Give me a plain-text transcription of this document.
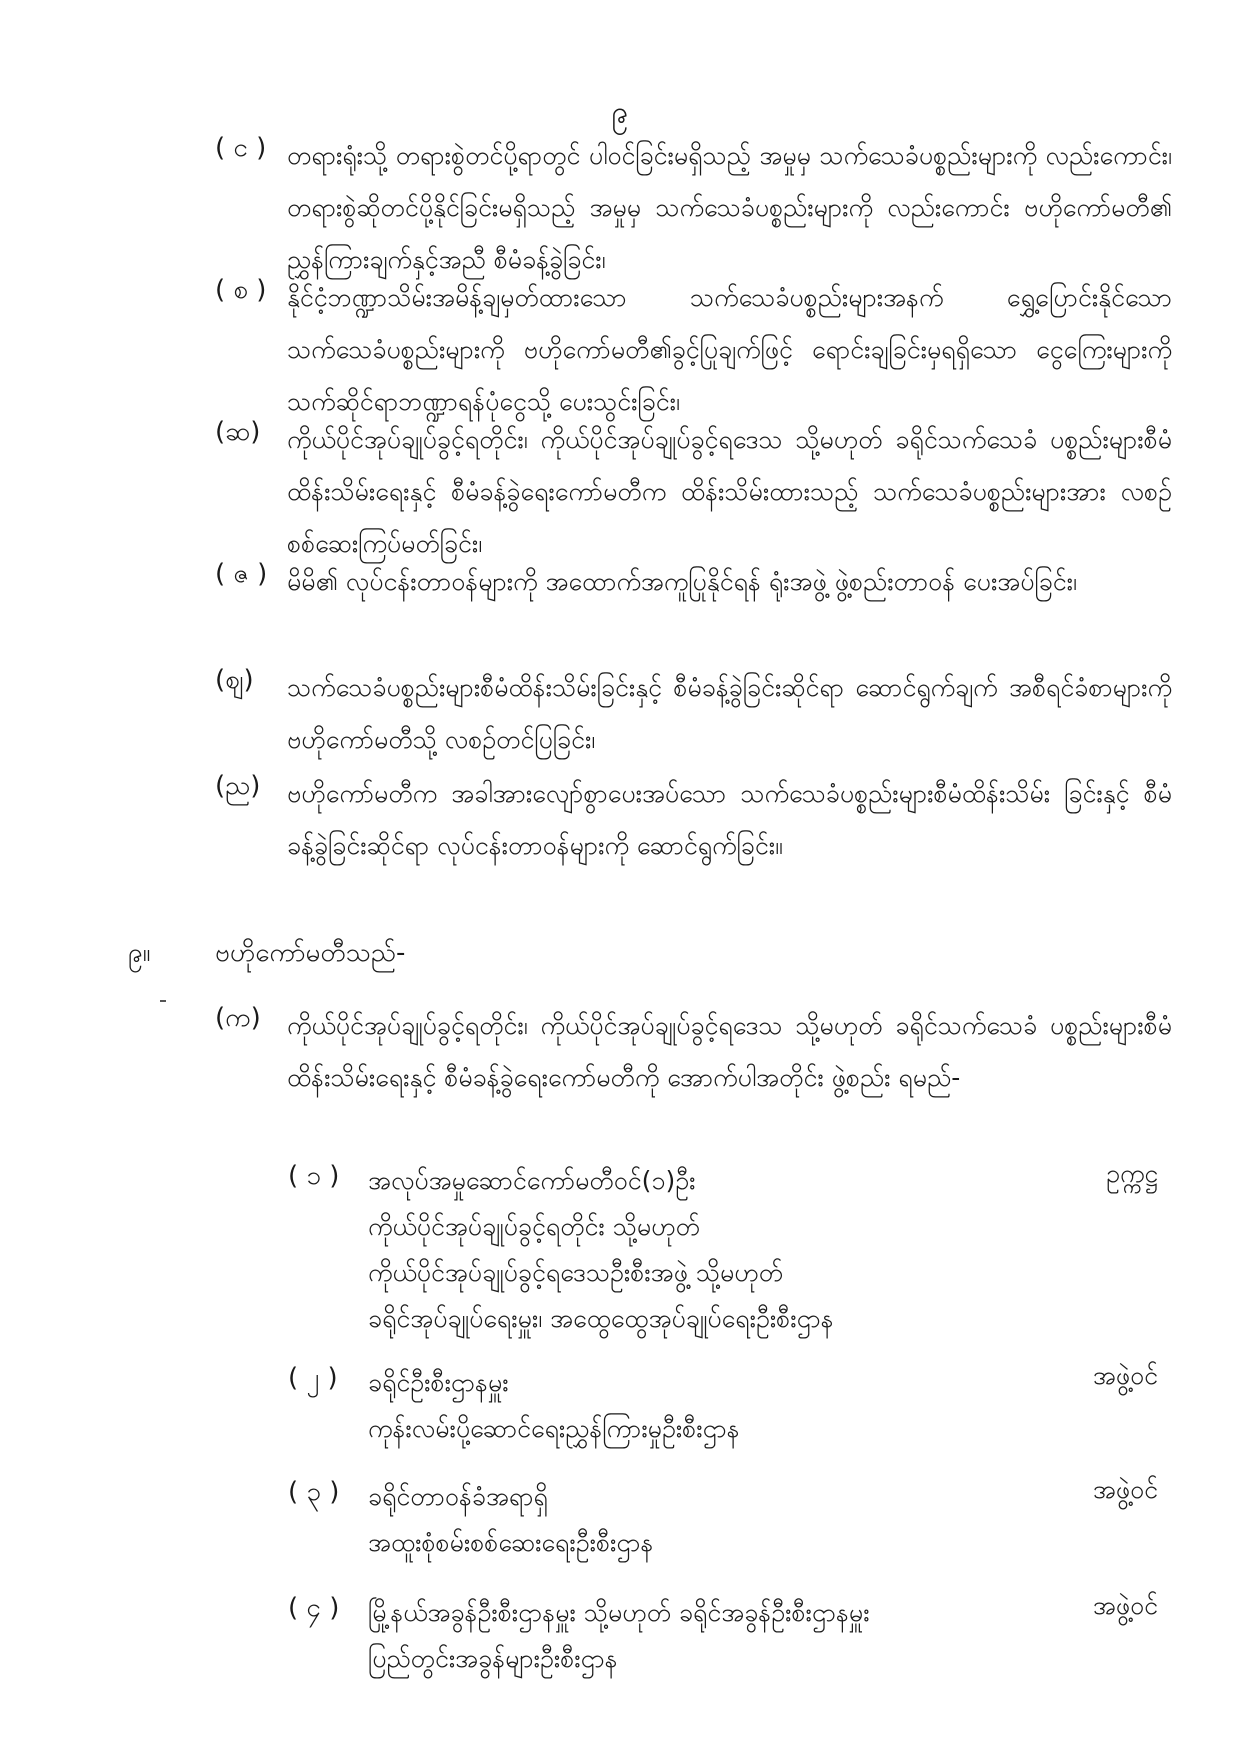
၉
( င ) တရားရုံးသို့ တရားစွဲတင်ပို့ရာတွင် ပါဝင်ခြင်းမရှိသည့် အမှုမှ သက်သေခံပစ္စည်းများကို လည်းကောင်း၊ တရားစွဲဆိုတင်ပို့နိုင်ခြင်းမရှိသည့် အမှုမှ သက်သေခံပစ္စည်းများကို လည်းကောင်း ဗဟိုကော်မတီ၏ ညွှန်ကြားချက်နှင့်အညီ စီမံခန့်ခွဲခြင်း၊
( စ ) နိုင်ငံ့ဘဏ္ဍာသိမ်းအမိန့်ချမှတ်ထားသော သက်သေခံပစ္စည်းများအနက် ရွှေ့ပြောင်းနိုင်သော သက်သေခံပစ္စည်းများကို ဗဟိုကော်မတီ၏ခွင့်ပြုချက်ဖြင့် ရောင်းချခြင်းမှရရှိသော ငွေကြေးများကို သက်ဆိုင်ရာဘဏ္ဍာရန်ပုံငွေသို့ ပေးသွင်းခြင်း၊
(ဆ) ကိုယ်ပိုင်အုပ်ချုပ်ခွင့်ရတိုင်း၊ ကိုယ်ပိုင်အုပ်ချုပ်ခွင့်ရဒေသ သို့မဟုတ် ခရိုင်သက်သေခံ ပစ္စည်းများစီမံထိန်းသိမ်းရေးနှင့် စီမံခန့်ခွဲရေးကော်မတီက ထိန်းသိမ်းထားသည့် သက်သေခံပစ္စည်းများအား လစဉ်စစ်ဆေးကြပ်မတ်ခြင်း၊
( ဇ ) မိမိ၏ လုပ်ငန်းတာဝန်များကို အထောက်အကူပြုနိုင်ရန် ရုံးအဖွဲ့ ဖွဲ့စည်းတာဝန် ပေးအပ်ခြင်း၊
(ဈ) သက်သေခံပစ္စည်းများစီမံထိန်းသိမ်းခြင်းနှင့် စီမံခန့်ခွဲခြင်းဆိုင်ရာ ဆောင်ရွက်ချက် အစီရင်ခံစာများကို ဗဟိုကော်မတီသို့ လစဉ်တင်ပြခြင်း၊
(ည) ဗဟိုကော်မတီက အခါအားလျော်စွာပေးအပ်သော သက်သေခံပစ္စည်းများစီမံထိန်းသိမ်း ခြင်းနှင့် စီမံခန့်ခွဲခြင်းဆိုင်ရာ လုပ်ငန်းတာဝန်များကို ဆောင်ရွက်ခြင်း။
၉။ ဗဟိုကော်မတီသည်-
(က) ကိုယ်ပိုင်အုပ်ချုပ်ခွင့်ရတိုင်း၊ ကိုယ်ပိုင်အုပ်ချုပ်ခွင့်ရဒေသ သို့မဟုတ် ခရိုင်သက်သေခံ ပစ္စည်းများစီမံထိန်းသိမ်းရေးနှင့် စီမံခန့်ခွဲရေးကော်မတီကို အောက်ပါအတိုင်း ဖွဲ့စည်း ရမည်-
( ၁ ) အလုပ်အမှုဆောင်ကော်မတီဝင်(၁)ဦး
ကိုယ်ပိုင်အုပ်ချုပ်ခွင့်ရတိုင်း သို့မဟုတ်
ကိုယ်ပိုင်အုပ်ချုပ်ခွင့်ရဒေသဦးစီးအဖွဲ့ သို့မဟုတ်
ခရိုင်အုပ်ချုပ်ရေးမှူး၊ အထွေထွေအုပ်ချုပ်ရေးဦးစီးဌာန
ဥက္ကဋ္ဌ
( ၂ ) ခရိုင်ဦးစီးဌာနမှူး
ကုန်းလမ်းပို့ဆောင်ရေးညွှန်ကြားမှုဦးစီးဌာန
အဖွဲ့ဝင်
( ၃ ) ခရိုင်တာဝန်ခံအရာရှိ
အထူးစုံစမ်းစစ်ဆေးရေးဦးစီးဌာန
အဖွဲ့ဝင်
( ၄ ) မြို့နယ်အခွန်ဦးစီးဌာနမှူး သို့မဟုတ် ခရိုင်အခွန်ဦးစီးဌာနမှူး
ပြည်တွင်းအခွန်များဦးစီးဌာန
အဖွဲ့ဝင်
